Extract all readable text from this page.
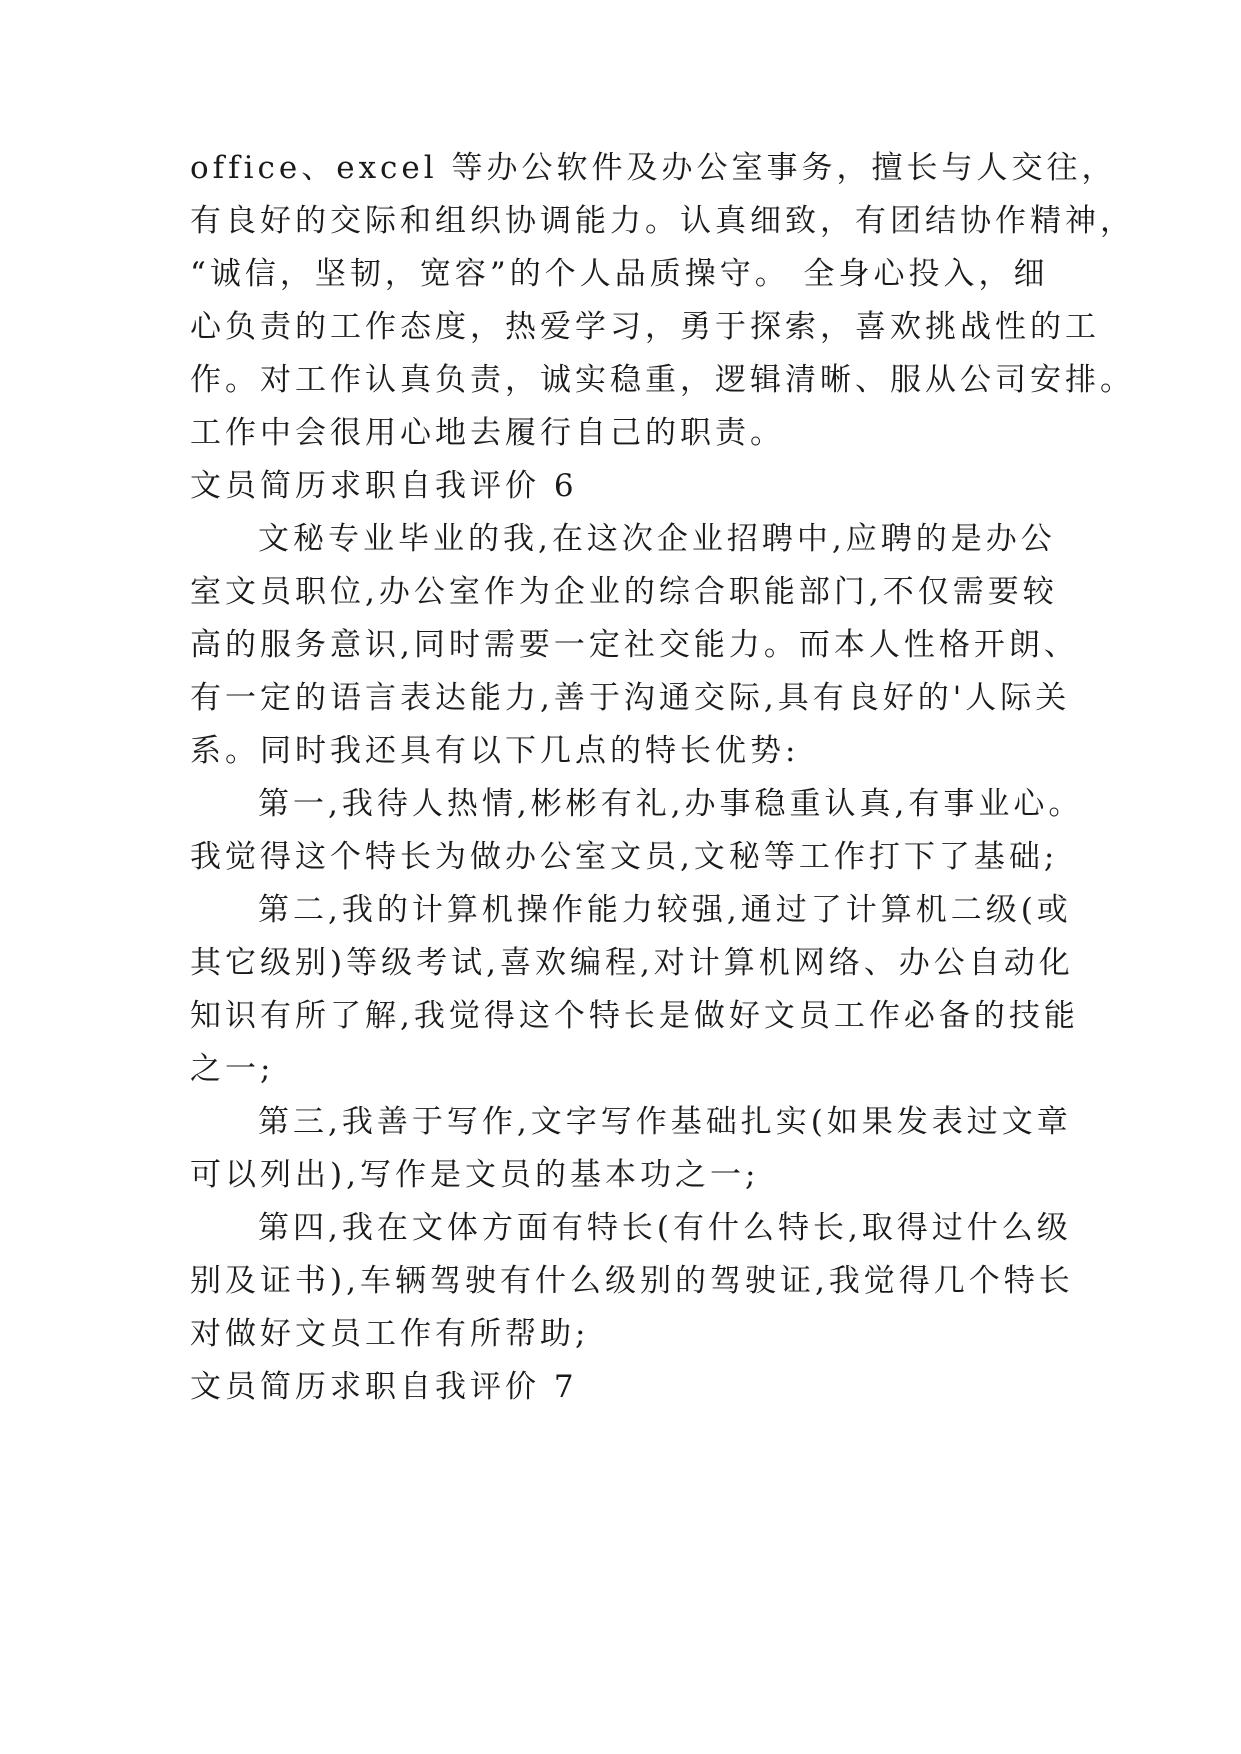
office、excel 等办公软件及办公室事务，擅长与人交往，
有良好的交际和组织协调能力。认真细致，有团结协作精神，
“诚信，坚韧，宽容”的个人品质操守。 全身心投入，细
心负责的工作态度，热爱学习，勇于探索，喜欢挑战性的工
作。对工作认真负责，诚实稳重，逻辑清晰、服从公司安排。
工作中会很用心地去履行自己的职责。
文员简历求职自我评价 6
文秘专业毕业的我,在这次企业招聘中,应聘的是办公
室文员职位,办公室作为企业的综合职能部门,不仅需要较
高的服务意识,同时需要一定社交能力。而本人性格开朗、
有一定的语言表达能力,善于沟通交际,具有良好的'人际关
系。同时我还具有以下几点的特长优势:
第一,我待人热情,彬彬有礼,办事稳重认真,有事业心。
我觉得这个特长为做办公室文员,文秘等工作打下了基础;
第二,我的计算机操作能力较强,通过了计算机二级(或
其它级别)等级考试,喜欢编程,对计算机网络、办公自动化
知识有所了解,我觉得这个特长是做好文员工作必备的技能
之一;
第三,我善于写作,文字写作基础扎实(如果发表过文章
可以列出),写作是文员的基本功之一;
第四,我在文体方面有特长(有什么特长,取得过什么级
别及证书),车辆驾驶有什么级别的驾驶证,我觉得几个特长
对做好文员工作有所帮助;
文员简历求职自我评价 7
